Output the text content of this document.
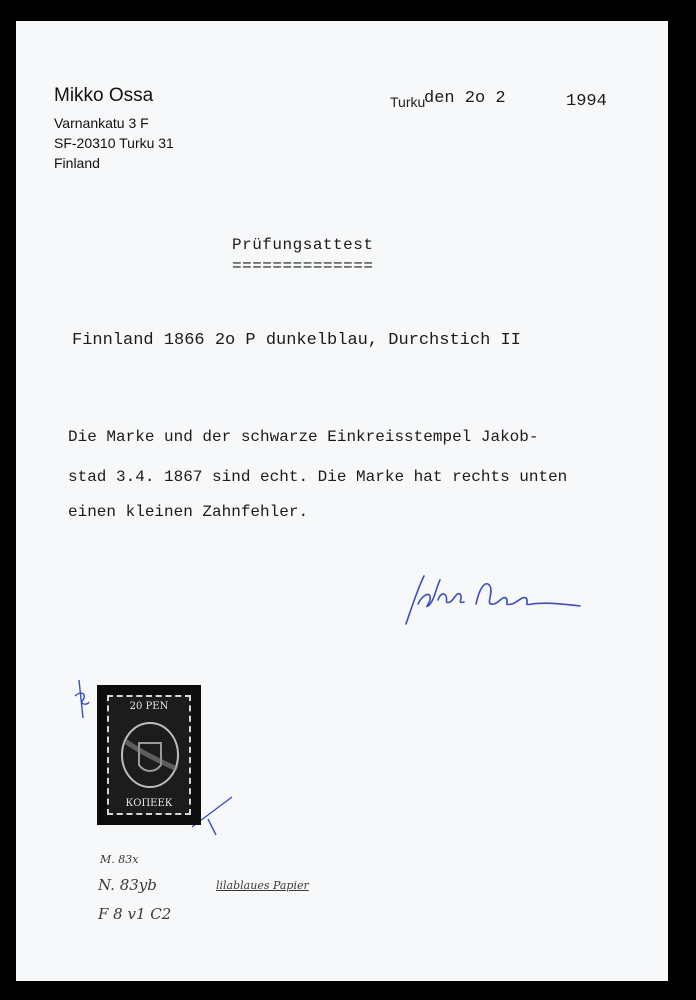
Mikko Ossa
Varnankatu 3 F
SF-20310 Turku 31
Finland
Turku
den 2o 2	1994
Prüfungsattest
==============
Finnland 1866 2o P dunkelblau, Durchstich II
Die Marke und der schwarze Einkreisstempel Jakob-
stad 3.4. 1867 sind echt. Die Marke hat rechts unten
einen kleinen Zahnfehler.
20 PEN
КОПЕЕК
M. 83x
N. 83yb	lilablaues Papier
F 8 v1 C2
